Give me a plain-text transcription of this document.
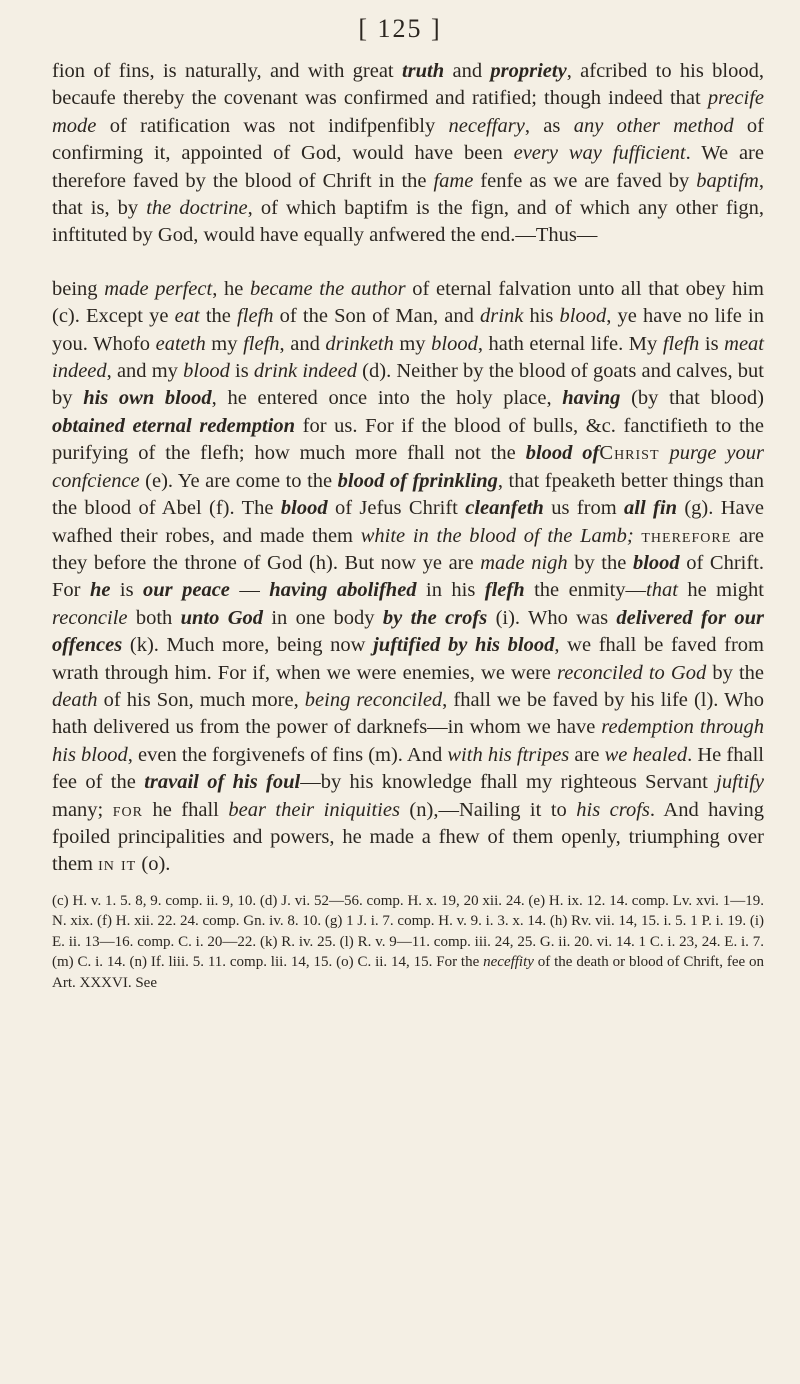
[ 125 ]

fion of fins, is naturally, and with great truth and propriety, afcribed to his blood, becaufe thereby the covenant was confirmed and ratified; though indeed that precife mode of ratification was not indifpenfibly neceffary, as any other method of confirming it, appointed of God, would have been every way fufficient. We are therefore faved by the blood of Chrift in the fame fenfe as we are faved by baptifm, that is, by the doctrine, of which baptifm is the fign, and of which any other fign, inftituted by God, would have equally anfwered the end.—Thus—

being made perfect, he became the author of eternal falvation unto all that obey him (c). Except ye eat the flefh of the Son of Man, and drink his blood, ye have no life in you. Whofo eateth my flefh, and drinketh my blood, hath eternal life. My flefh is meat indeed, and my blood is drink indeed (d). Neither by the blood of goats and calves, but by his own blood, he entered once into the holy place, having (by that blood) obtained eternal redemption for us. For if the blood of bulls, &c. fanctifieth to the purifying of the flefh; how much more fhall not the blood ofChrist purge your confcience (e). Ye are come to the blood of fprinkling, that fpeaketh better things than the blood of Abel (f). The blood of Jefus Chrift cleanfeth us from all fin (g). Have wafhed their robes, and made them white in the blood of the Lamb; therefore are they before the throne of God (h). But now ye are made nigh by the blood of Chrift. For he is our peace — having abolifhed in his flefh the enmity—that he might reconcile both unto God in one body by the crofs (i). Who was delivered for our offences (k). Much more, being now juftified by his blood, we fhall be faved from wrath through him. For if, when we were enemies, we were reconciled to God by the death of his Son, much more, being reconciled, fhall we be faved by his life (l). Who hath delivered us from the power of darknefs—in whom we have redemption through his blood, even the forgivenefs of fins (m). And with his ftripes are we healed. He fhall fee of the travail of his foul—by his knowledge fhall my righteous Servant juftify many; for he fhall bear their iniquities (n),—Nailing it to his crofs. And having fpoiled principalities and powers, he made a fhew of them openly, triumphing over them in it (o).

(c) H. v. 1. 5. 8, 9. comp. ii. 9, 10. (d) J. vi. 52—56. comp. H. x. 19, 20 xii. 24. (e) H. ix. 12. 14. comp. Lv. xvi. 1—19. N. xix. (f) H. xii. 22. 24. comp. Gn. iv. 8. 10. (g) 1 J. i. 7. comp. H. v. 9. i. 3. x. 14. (h) Rv. vii. 14, 15. i. 5. 1 P. i. 19. (i) E. ii. 13—16. comp. C. i. 20—22. (k) R. iv. 25. (l) R. v. 9—11. comp. iii. 24, 25. G. ii. 20. vi. 14. 1 C. i. 23, 24. E. i. 7. (m) C. i. 14. (n) If. liii. 5. 11. comp. lii. 14, 15. (o) C. ii. 14, 15. For the neceffity of the death or blood of Chrift, fee on Art. XXXVI. See
